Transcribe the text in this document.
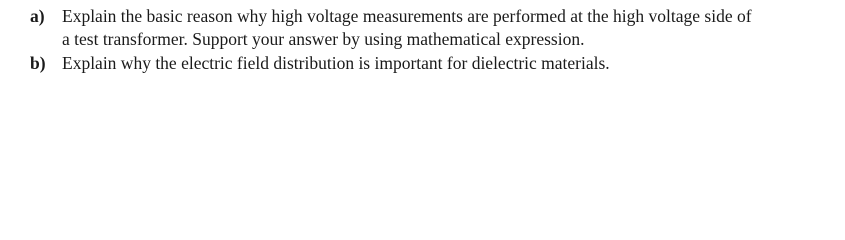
a) Explain the basic reason why high voltage measurements are performed at the high voltage side of
a test transformer. Support your answer by using mathematical expression.
b) Explain why the electric field distribution is important for dielectric materials.
